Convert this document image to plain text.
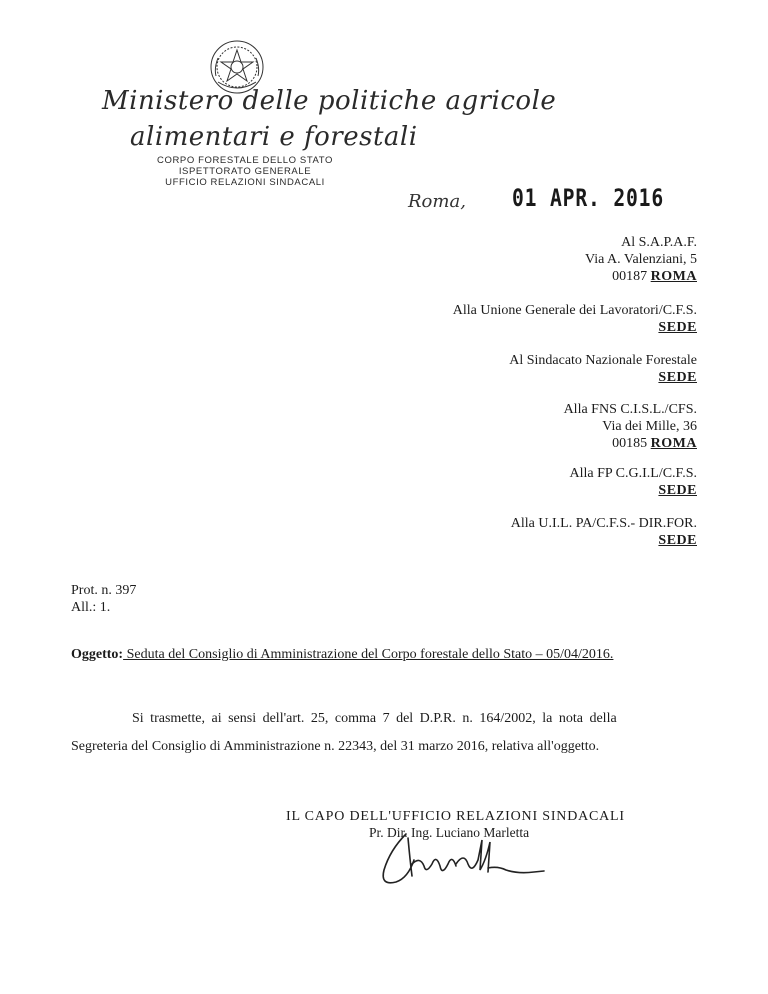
Ministero delle politiche agricole
alimentari e forestali
CORPO FORESTALE DELLO STATO
ISPETTORATO GENERALE
UFFICIO RELAZIONI SINDACALI
Roma, 01 APR. 2016
Al S.A.P.A.F.
Via A. Valenziani, 5
00187 ROMA
Alla Unione Generale dei Lavoratori/C.F.S.
SEDE
Al Sindacato Nazionale Forestale
SEDE
Alla FNS C.I.S.L./CFS.
Via dei Mille, 36
00185 ROMA
Alla FP C.G.I.L/C.F.S.
SEDE
Alla U.I.L. PA/C.F.S.- DIR.FOR.
SEDE
Prot. n. 397
All.: 1.
Oggetto: Seduta del Consiglio di Amministrazione del Corpo forestale dello Stato – 05/04/2016.
Si trasmette, ai sensi dell'art. 25, comma 7 del D.P.R. n. 164/2002, la nota della
Segreteria del Consiglio di Amministrazione n. 22343, del 31 marzo 2016, relativa all'oggetto.
IL CAPO DELL'UFFICIO RELAZIONI SINDACALI
Pr. Dir. Ing. Luciano Marletta
